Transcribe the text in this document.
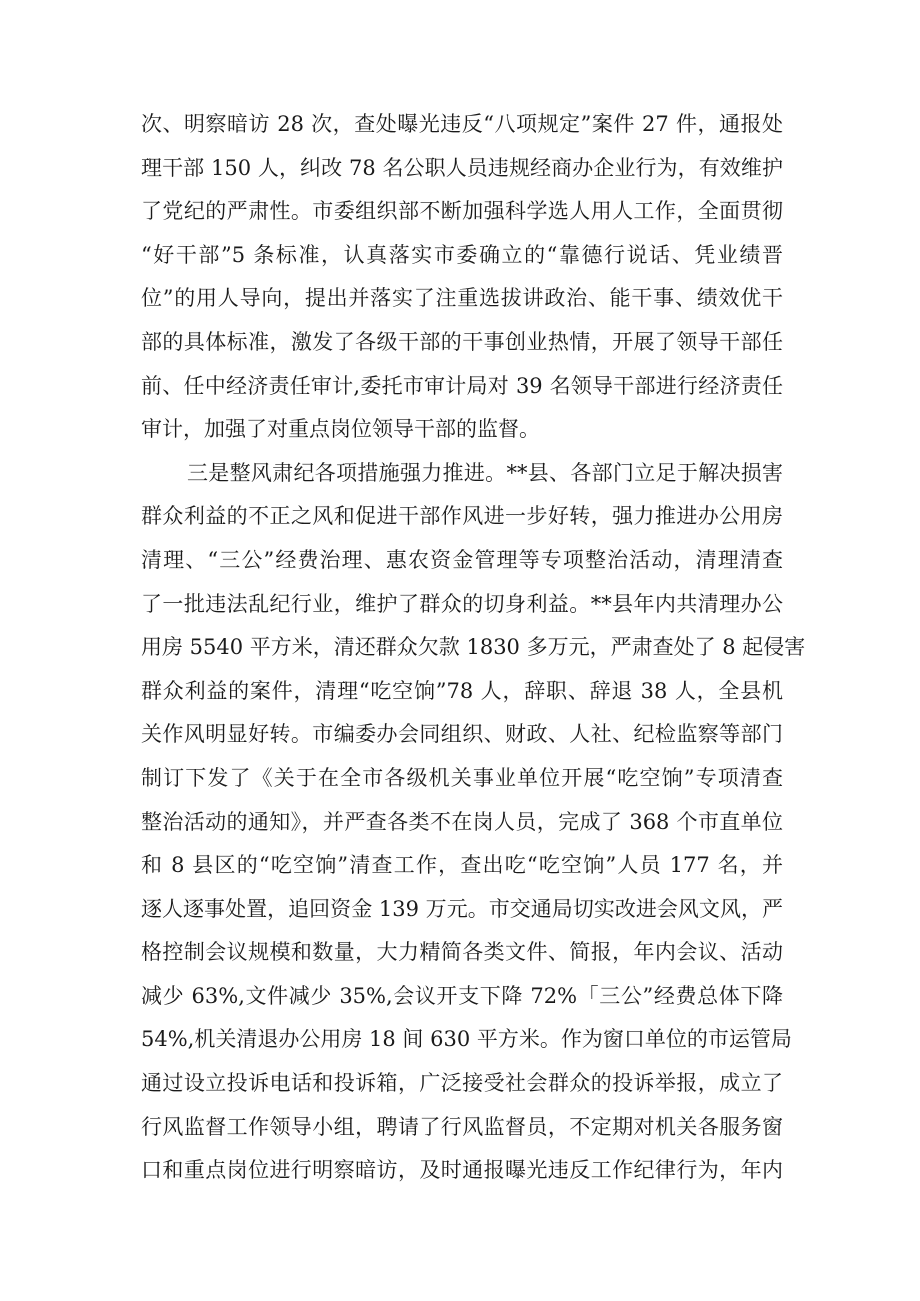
次、明察暗访 28 次，查处曝光违反“八项规定”案件 27 件，通报处
理干部 150 人，纠改 78 名公职人员违规经商办企业行为，有效维护
了党纪的严肃性。市委组织部不断加强科学选人用人工作，全面贯彻
“好干部”5 条标准，认真落实市委确立的“靠德行说话、凭业绩晋
位”的用人导向，提出并落实了注重选拔讲政治、能干事、绩效优干
部的具体标准，激发了各级干部的干事创业热情，开展了领导干部任
前、任中经济责任审计,委托市审计局对 39 名领导干部进行经济责任
审计，加强了对重点岗位领导干部的监督。
三是整风肃纪各项措施强力推进。**县、各部门立足于解决损害
群众利益的不正之风和促进干部作风进一步好转，强力推进办公用房
清理、“三公”经费治理、惠农资金管理等专项整治活动，清理清查
了一批违法乱纪行业，维护了群众的切身利益。**县年内共清理办公
用房 5540 平方米，清还群众欠款 1830 多万元，严肃查处了 8 起侵害
群众利益的案件，清理“吃空饷”78 人，辞职、辞退 38 人，全县机
关作风明显好转。市编委办会同组织、财政、人社、纪检监察等部门
制订下发了《关于在全市各级机关事业单位开展“吃空饷”专项清查
整治活动的通知》，并严查各类不在岗人员，完成了 368 个市直单位
和 8 县区的“吃空饷”清查工作，查出吃“吃空饷”人员 177 名，并
逐人逐事处置，追回资金 139 万元。市交通局切实改进会风文风，严
格控制会议规模和数量，大力精简各类文件、简报，年内会议、活动
减少 63%,文件减少 35%,会议开支下降 72%「三公”经费总体下降
54%,机关清退办公用房 18 间 630 平方米。作为窗口单位的市运管局
通过设立投诉电话和投诉箱，广泛接受社会群众的投诉举报，成立了
行风监督工作领导小组，聘请了行风监督员，不定期对机关各服务窗
口和重点岗位进行明察暗访，及时通报曝光违反工作纪律行为，年内
